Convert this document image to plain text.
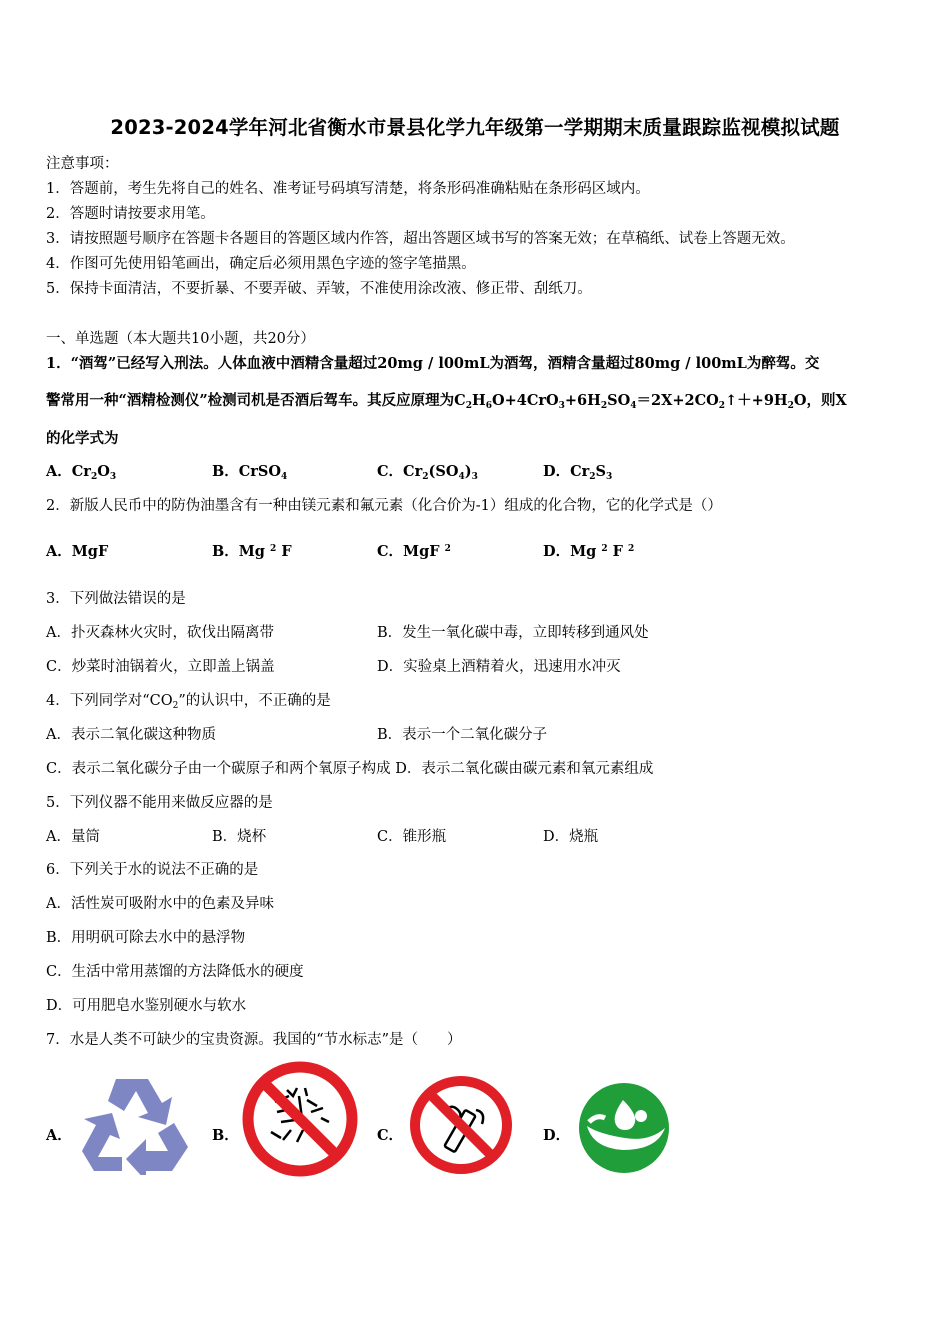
2023-2024学年河北省衡水市景县化学九年级第一学期期末质量跟踪监视模拟试题
注意事项：
1．答题前，考生先将自己的姓名、准考证号码填写清楚，将条形码准确粘贴在条形码区域内。
2．答题时请按要求用笔。
3．请按照题号顺序在答题卡各题目的答题区域内作答，超出答题区域书写的答案无效；在草稿纸、试卷上答题无效。
4．作图可先使用铅笔画出，确定后必须用黑色字迹的签字笔描黑。
5．保持卡面清洁，不要折暴、不要弄破、弄皱，不准使用涂改液、修正带、刮纸刀。
一、单选题（本大题共10小题，共20分）
1．“酒驾”已经写入刑法。人体血液中酒精含量超过20mg / l00mL为酒驾，酒精含量超过80mg / l00mL为醉驾。交
警常用一种“酒精检测仪”检测司机是否酒后驾车。其反应原理为$C_2H_6O+4CrO_3+6H_2SO_4=2X+2CO_2↑++9H_2O$，则X
的化学式为
A．$Cr_2O_3$	B．CrSO$_4$	C．$Cr_2(SO_4)_3$	D．$Cr_2S_3$
2．新版人民币中的防伪油墨含有一种由镁元素和氟元素（化合价为-1）组成的化合物，它的化学式是（）
A．MgF	B．Mg $^2$ F	C．MgF $^2$	D．Mg $^2$ F $^2$
3．下列做法错误的是
A．扑灭森林火灾时，砍伐出隔离带	B．发生一氧化碳中毒，立即转移到通风处
C．炒菜时油锅着火，立即盖上锅盖	D．实验桌上酒精着火，迅速用水冲灭
4．下列同学对“$CO_2$”的认识中，不正确的是
A．表示二氧化碳这种物质	B．表示一个二氧化碳分子
C．表示二氧化碳分子由一个碳原子和两个氧原子构成 D．表示二氧化碳由碳元素和氧元素组成
5．下列仪器不能用来做反应器的是
A．量筒	B．烧杯	C．锥形瓶	D．烧瓶
6．下列关于水的说法不正确的是
A．活性炭可吸附水中的色素及异味
B．用明矾可除去水中的悬浮物
C．生活中常用蒸馏的方法降低水的硬度
D．可用肥皂水鉴别硬水与软水
7．水是人类不可缺少的宝贵资源。我国的“节水标志”是（　　）
A．	B．	C．	D．
